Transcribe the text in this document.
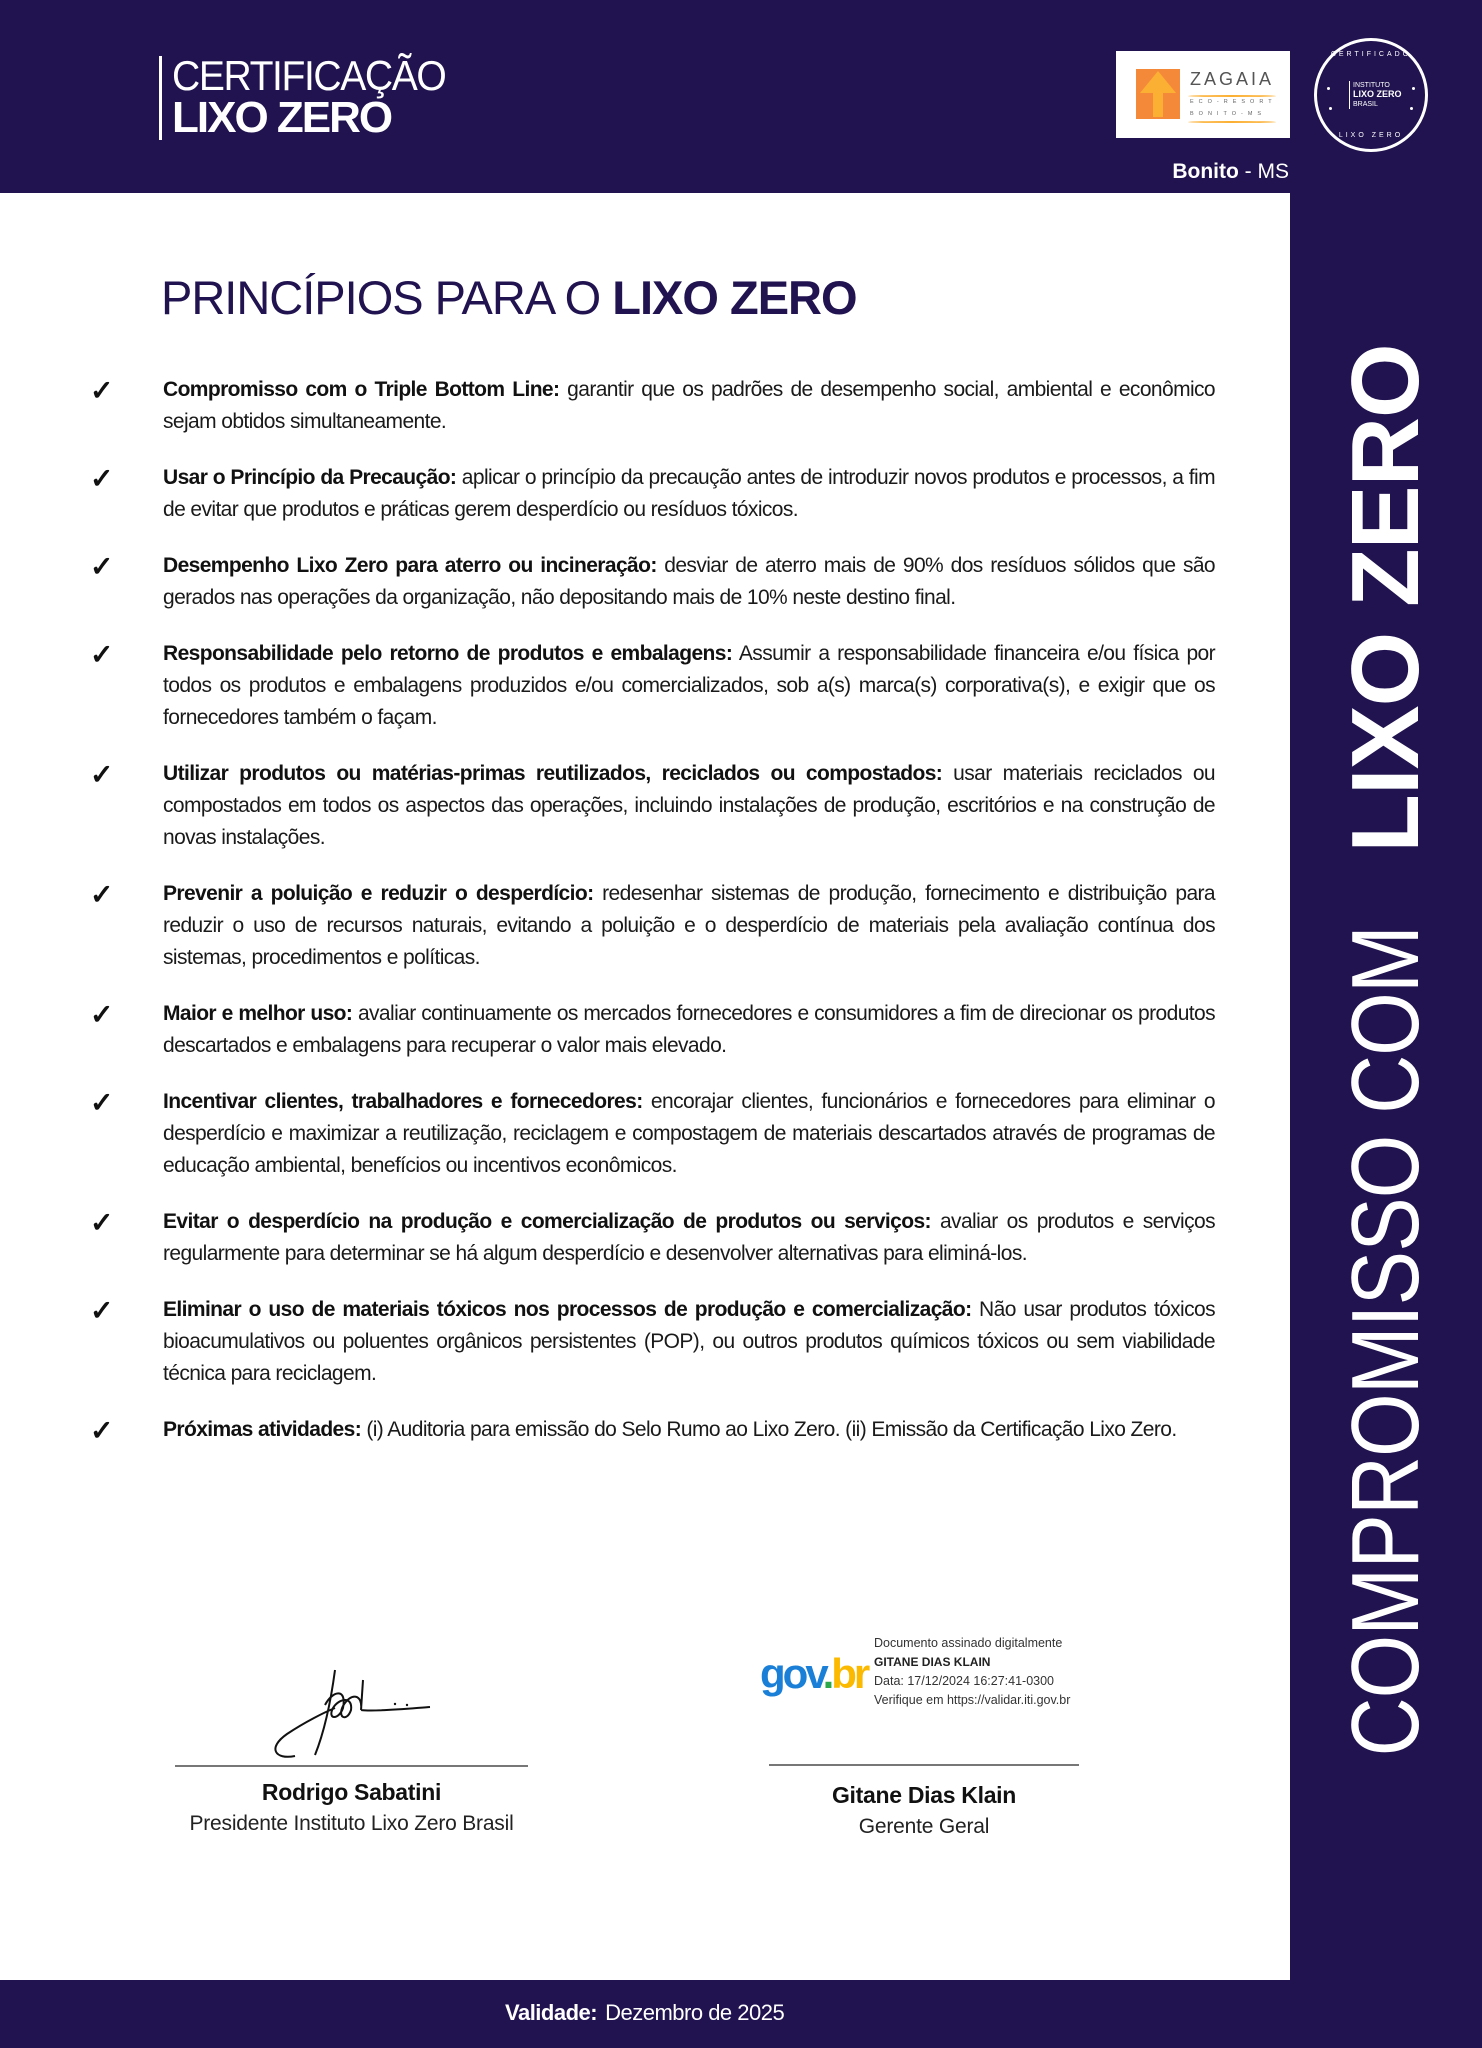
CERTIFICAÇÃO
LIXO ZERO
ZAGAIA
ECO-RESORT
BONITO-MS
CERTIFICADO
INSTITUTO
LIXO ZERO
BRASIL
LIXO ZERO
Bonito - MS
COMPROMISSO COMLIXO ZERO
PRINCÍPIOS PARA O LIXO ZERO
✓ Compromisso com o Triple Bottom Line: garantir que os padrões de desempenho social, ambiental e econômico sejam obtidos simultaneamente.
✓ Usar o Princípio da Precaução: aplicar o princípio da precaução antes de introduzir novos produtos e processos, a fim de evitar que produtos e práticas gerem desperdício ou resíduos tóxicos.
✓ Desempenho Lixo Zero para aterro ou incineração: desviar de aterro mais de 90% dos resíduos sólidos que são gerados nas operações da organização, não depositando mais de 10% neste destino final.
✓ Responsabilidade pelo retorno de produtos e embalagens: Assumir a responsabilidade financeira e/ou física por todos os produtos e embalagens produzidos e/ou comercializados, sob a(s) marca(s) corporativa(s), e exigir que os fornecedores também o façam.
✓ Utilizar produtos ou matérias-primas reutilizados, reciclados ou compostados: usar materiais reciclados ou compostados em todos os aspectos das operações, incluindo instalações de produção, escritórios e na construção de novas instalações.
✓ Prevenir a poluição e reduzir o desperdício: redesenhar sistemas de produção, fornecimento e distribuição para reduzir o uso de recursos naturais, evitando a poluição e o desperdício de materiais pela avaliação contínua dos sistemas, procedimentos e políticas.
✓ Maior e melhor uso: avaliar continuamente os mercados fornecedores e consumidores a fim de direcionar os produtos descartados e embalagens para recuperar o valor mais elevado.
✓ Incentivar clientes, trabalhadores e fornecedores: encorajar clientes, funcionários e fornecedores para eliminar o desperdício e maximizar a reutilização, reciclagem e compostagem de materiais descartados através de programas de educação ambiental, benefícios ou incentivos econômicos.
✓ Evitar o desperdício na produção e comercialização de produtos ou serviços: avaliar os produtos e serviços regularmente para determinar se há algum desperdício e desenvolver alternativas para eliminá-los.
✓ Eliminar o uso de materiais tóxicos nos processos de produção e comercialização: Não usar produtos tóxicos bioacumulativos ou poluentes orgânicos persistentes (POP), ou outros produtos químicos tóxicos ou sem viabilidade técnica para reciclagem.
✓ Próximas atividades: (i) Auditoria para emissão do Selo Rumo ao Lixo Zero. (ii) Emissão da Certificação Lixo Zero.
Rodrigo Sabatini
Presidente Instituto Lixo Zero Brasil
gov.br
Documento assinado digitalmente
GITANE DIAS KLAIN
Data: 17/12/2024 16:27:41-0300
Verifique em https://validar.iti.gov.br
Gitane Dias Klain
Gerente Geral
Validade: Dezembro de 2025
